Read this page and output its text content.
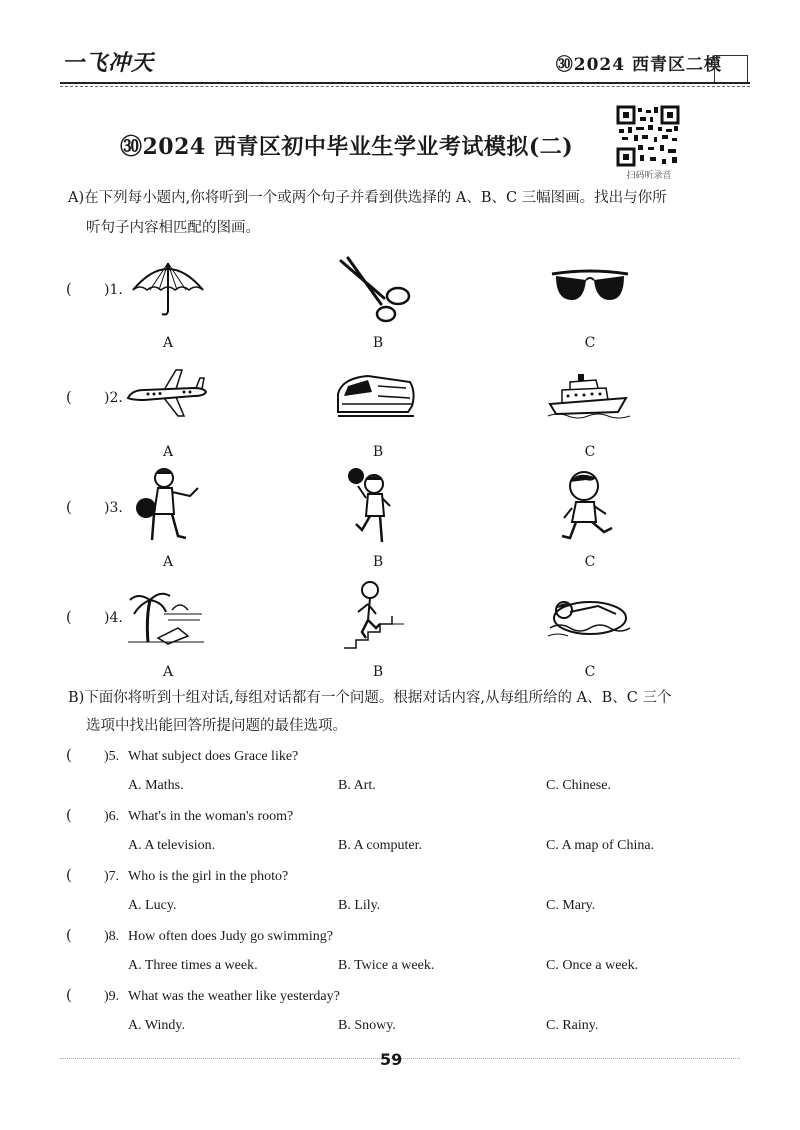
一飞冲天	㉚2024 西青区二模
㉚2024 西青区初中毕业生学业考试模拟(二)
扫码听录音
A)在下列每小题内,你将听到一个或两个句子并看到供选择的 A、B、C 三幅图画。找出与你所
听句子内容相匹配的图画。
( )1.
A	B	C
( )2.
A	B	C
( )3.
A	B	C
( )4.
A	B	C
B)下面你将听到十组对话,每组对话都有一个问题。根据对话内容,从每组所给的 A、B、C 三个
选项中找出能回答所提问题的最佳选项。
( )5. What subject does Grace like?
A. Maths.	B. Art.	C. Chinese.
( )6. What's in the woman's room?
A. A television.	B. A computer.	C. A map of China.
( )7. Who is the girl in the photo?
A. Lucy.	B. Lily.	C. Mary.
( )8. How often does Judy go swimming?
A. Three times a week.	B. Twice a week.	C. Once a week.
( )9. What was the weather like yesterday?
A. Windy.	B. Snowy.	C. Rainy.
59
